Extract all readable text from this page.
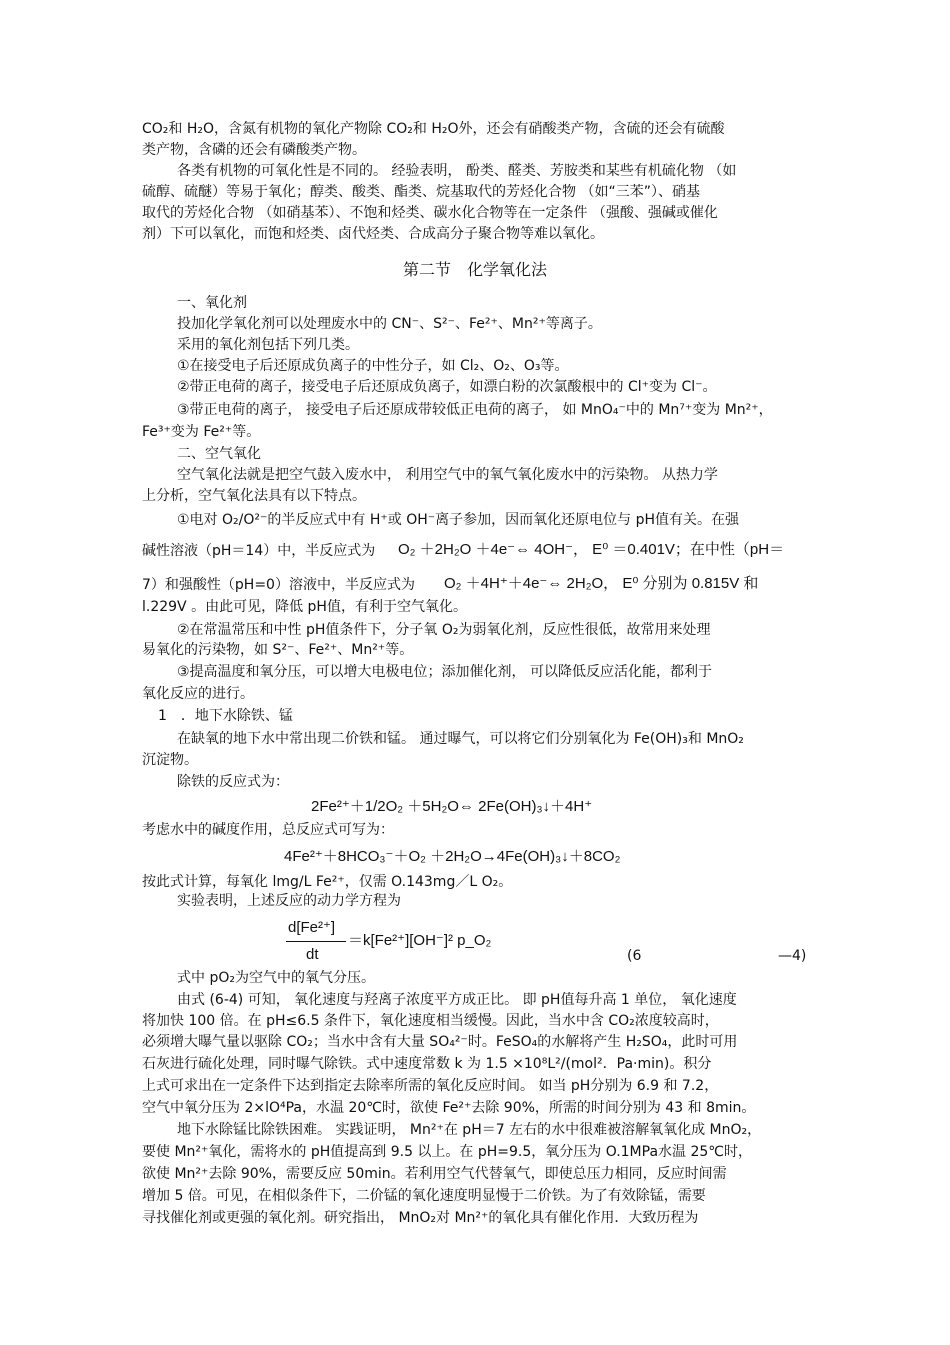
CO₂和 H₂O，含氮有机物的氧化产物除 CO₂和 H₂O外，还会有硝酸类产物，含硫的还会有硫酸
类产物，含磷的还会有磷酸类产物。
各类有机物的可氧化性是不同的。 经验表明， 酚类、醛类、芳胺类和某些有机硫化物 （如
硫醇、硫醚）等易于氧化；醇类、酸类、酯类、烷基取代的芳烃化合物 （如“三苯”）、硝基
取代的芳烃化合物 （如硝基苯）、不饱和烃类、碳水化合物等在一定条件 （强酸、强碱或催化
剂）下可以氧化，而饱和烃类、卤代烃类、合成高分子聚合物等难以氧化。
第二节　化学氧化法
一、氧化剂
投加化学氧化剂可以处理废水中的 CN⁻、S²⁻、Fe²⁺、Mn²⁺等离子。
采用的氧化剂包括下列几类。
①在接受电子后还原成负离子的中性分子，如 Cl₂、O₂、O₃等。
②带正电荷的离子，接受电子后还原成负离子，如漂白粉的次氯酸根中的 Cl⁺变为 Cl⁻。
③带正电荷的离子， 接受电子后还原成带较低正电荷的离子， 如 MnO₄⁻中的 Mn⁷⁺变为 Mn²⁺，
Fe³⁺变为 Fe²⁺等。
二、空气氧化
空气氧化法就是把空气鼓入废水中， 利用空气中的氧气氧化废水中的污染物。 从热力学
上分析，空气氧化法具有以下特点。
①电对 O₂/O²⁻的半反应式中有 H⁺或 OH⁻离子参加，因而氧化还原电位与 pH值有关。在强
碱性溶液（pH＝14）中，半反应式为	O₂ ＋2H₂O ＋4e⁻⇔ 4OH⁻， E⁰ ＝0.401V；在中性（pH＝
7）和强酸性（pH=0）溶液中，半反应式为	O₂ ＋4H⁺＋4e⁻⇔ 2H₂O， E⁰ 分别为 0.815V 和
l.229V 。由此可见，降低 pH值，有利于空气氧化。
②在常温常压和中性 pH值条件下，分子氧 O₂为弱氧化剂，反应性很低，故常用来处理
易氧化的污染物，如 S²⁻、Fe²⁺、Mn²⁺等。
③提高温度和氧分压，可以增大电极电位；添加催化剂， 可以降低反应活化能，都利于
氧化反应的进行。
1　．地下水除铁、锰
在缺氧的地下水中常出现二价铁和锰。 通过曝气，可以将它们分别氧化为 Fe(OH)₃和 MnO₂
沉淀物。
除铁的反应式为：
2Fe²⁺＋1/2O₂ ＋5H₂O⇔ 2Fe(OH)₃↓＋4H⁺
考虑水中的碱度作用，总反应式可写为：
4Fe²⁺＋8HCO₃⁻＋O₂ ＋2H₂O→4Fe(OH)₃↓＋8CO₂
按此式计算，每氧化 lmg/L Fe²⁺，仅需 O.143mg／L O₂。
实验表明，上述反应的动力学方程为
d[Fe²⁺]
dt
＝k[Fe²⁺][OH⁻]² p_O₂
(6	—4)
式中 pO₂为空气中的氧气分压。
由式 (6-4) 可知， 氧化速度与羟离子浓度平方成正比。 即 pH值每升高 1 单位， 氧化速度
将加快 100 倍。在 pH≤6.5 条件下，氧化速度相当缓慢。因此，当水中含 CO₂浓度较高时，
必须增大曝气量以驱除 CO₂；当水中含有大量 SO₄²⁻时。FeSO₄的水解将产生 H₂SO₄，此时可用
石灰进行硫化处理，同时曝气除铁。式中速度常数 k 为 1.5 ×10⁸L²/(mol²．Pa·min)。积分
上式可求出在一定条件下达到指定去除率所需的氧化反应时间。 如当 pH分别为 6.9 和 7.2，
空气中氧分压为 2×lO⁴Pa，水温 20℃时，欲使 Fe²⁺去除 90%，所需的时间分别为 43 和 8min。
地下水除锰比除铁困难。 实践证明， Mn²⁺在 pH＝7 左右的水中很难被溶解氧氧化成 MnO₂，
要使 Mn²⁺氧化，需将水的 pH值提高到 9.5 以上。在 pH=9.5，氧分压为 O.1MPa水温 25℃时，
欲使 Mn²⁺去除 90%，需要反应 50min。若利用空气代替氧气，即使总压力相同，反应时间需
增加 5 倍。可见，在相似条件下，二价锰的氧化速度明显慢于二价铁。为了有效除锰，需要
寻找催化剂或更强的氧化剂。研究指出， MnO₂对 Mn²⁺的氧化具有催化作用．大致历程为
